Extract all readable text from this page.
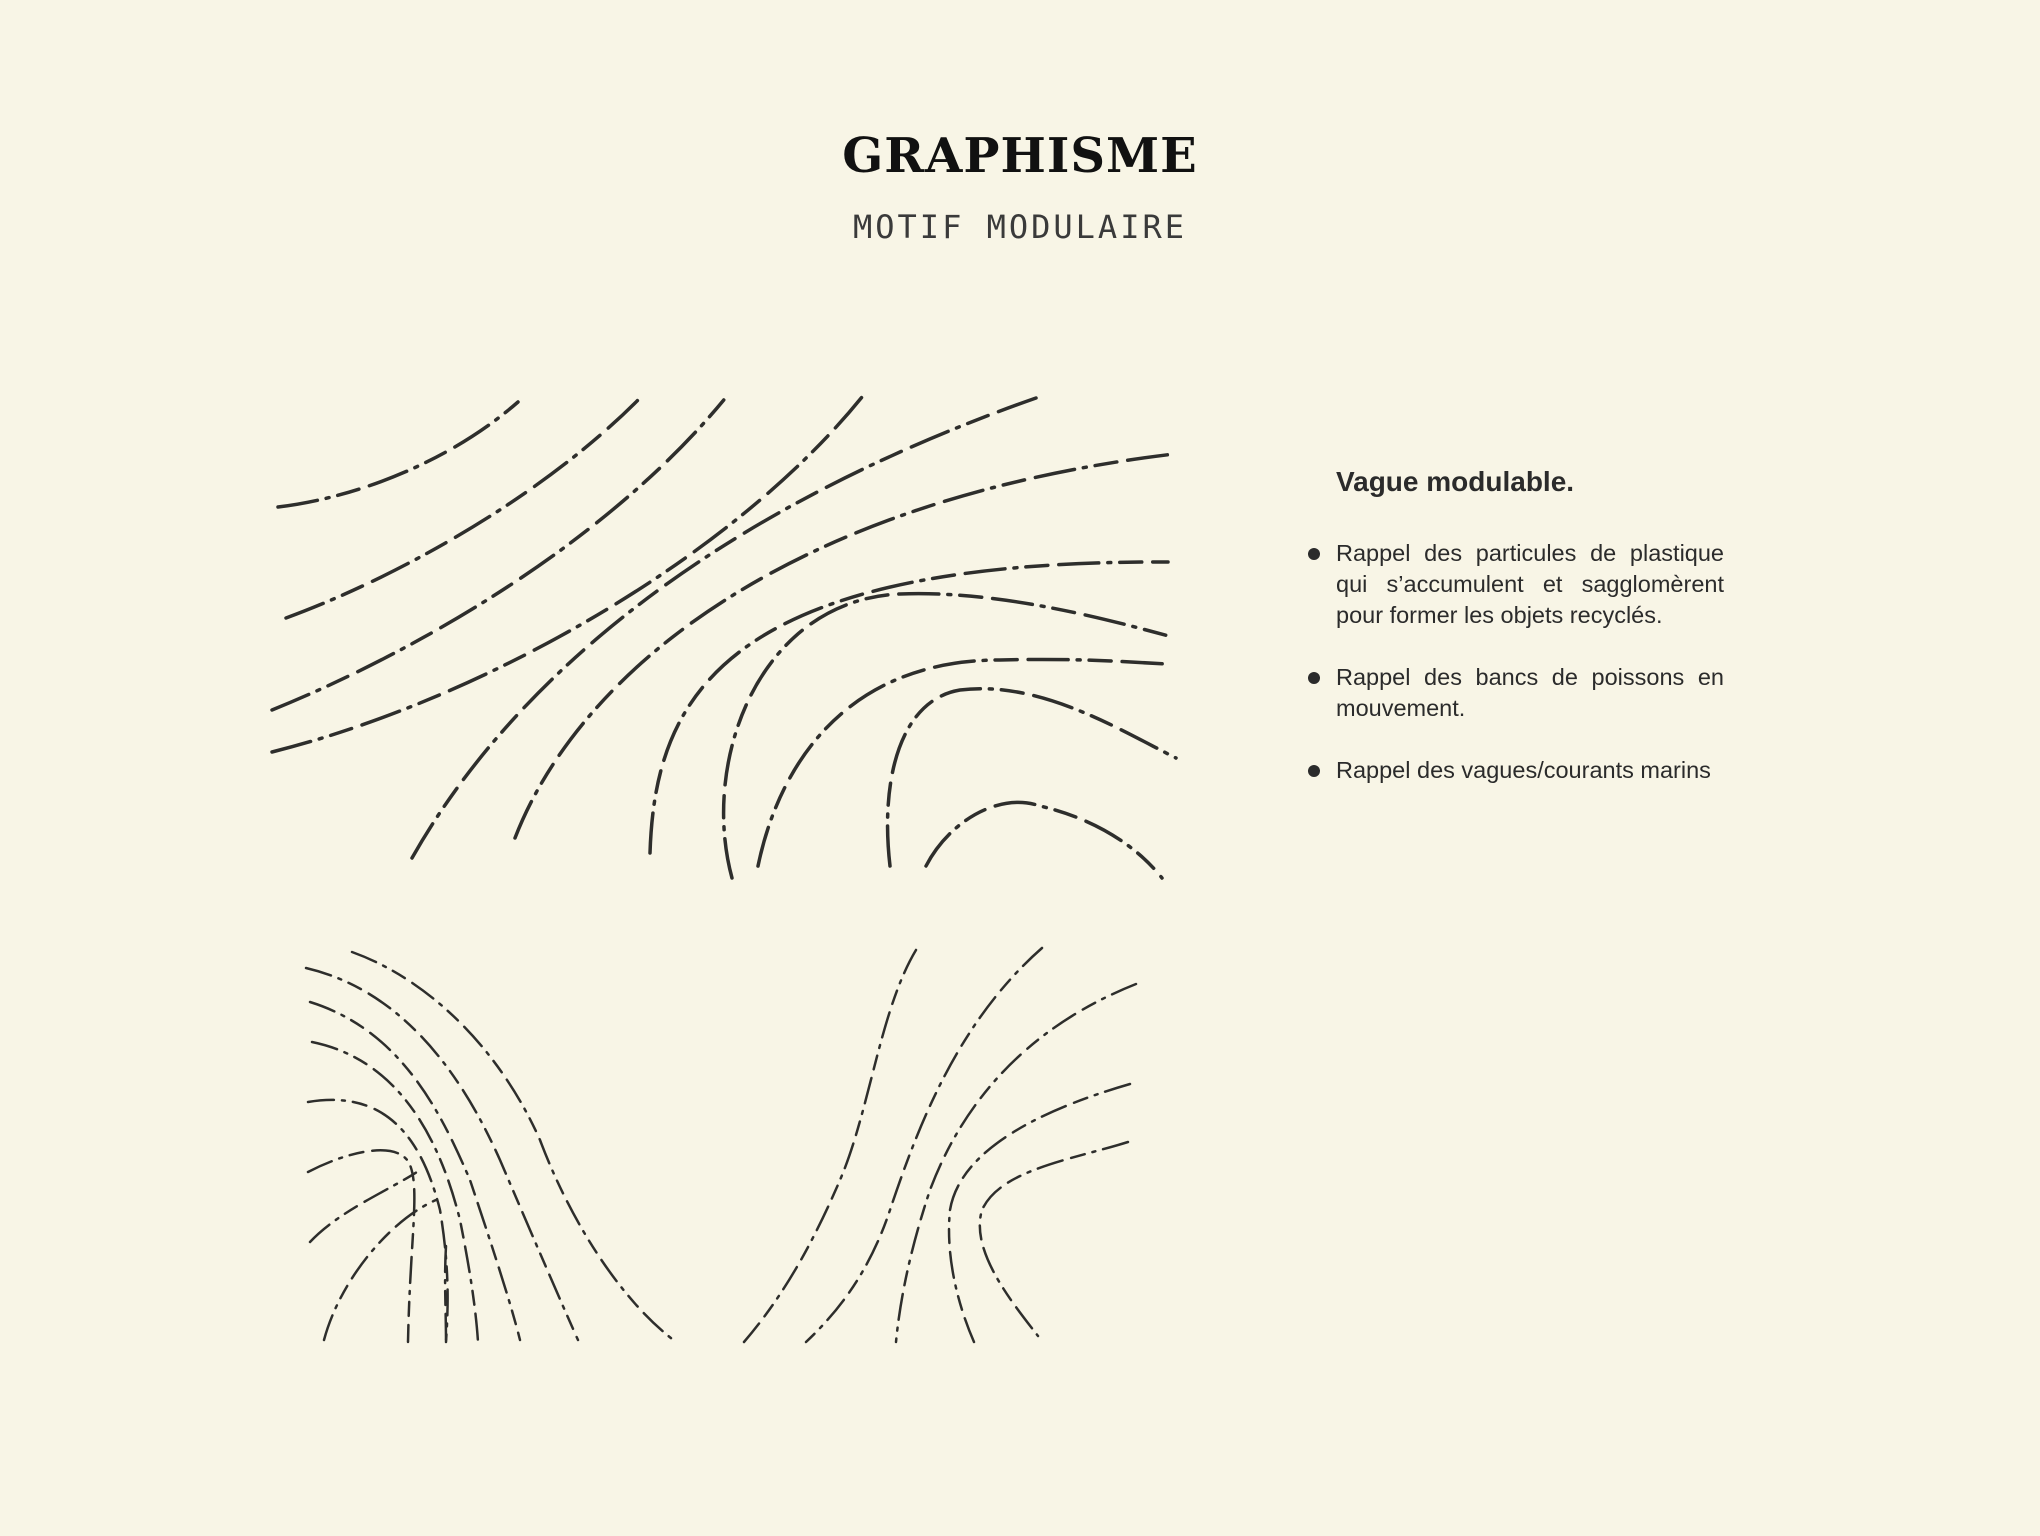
GRAPHISME
MOTIF MODULAIRE
Vague modulable.
Rappel des particules de plastique qui s’accumulent et sagglomèrent pour former les objets recyclés.
Rappel des bancs de poissons en mouvement.
Rappel des vagues/courants marins
